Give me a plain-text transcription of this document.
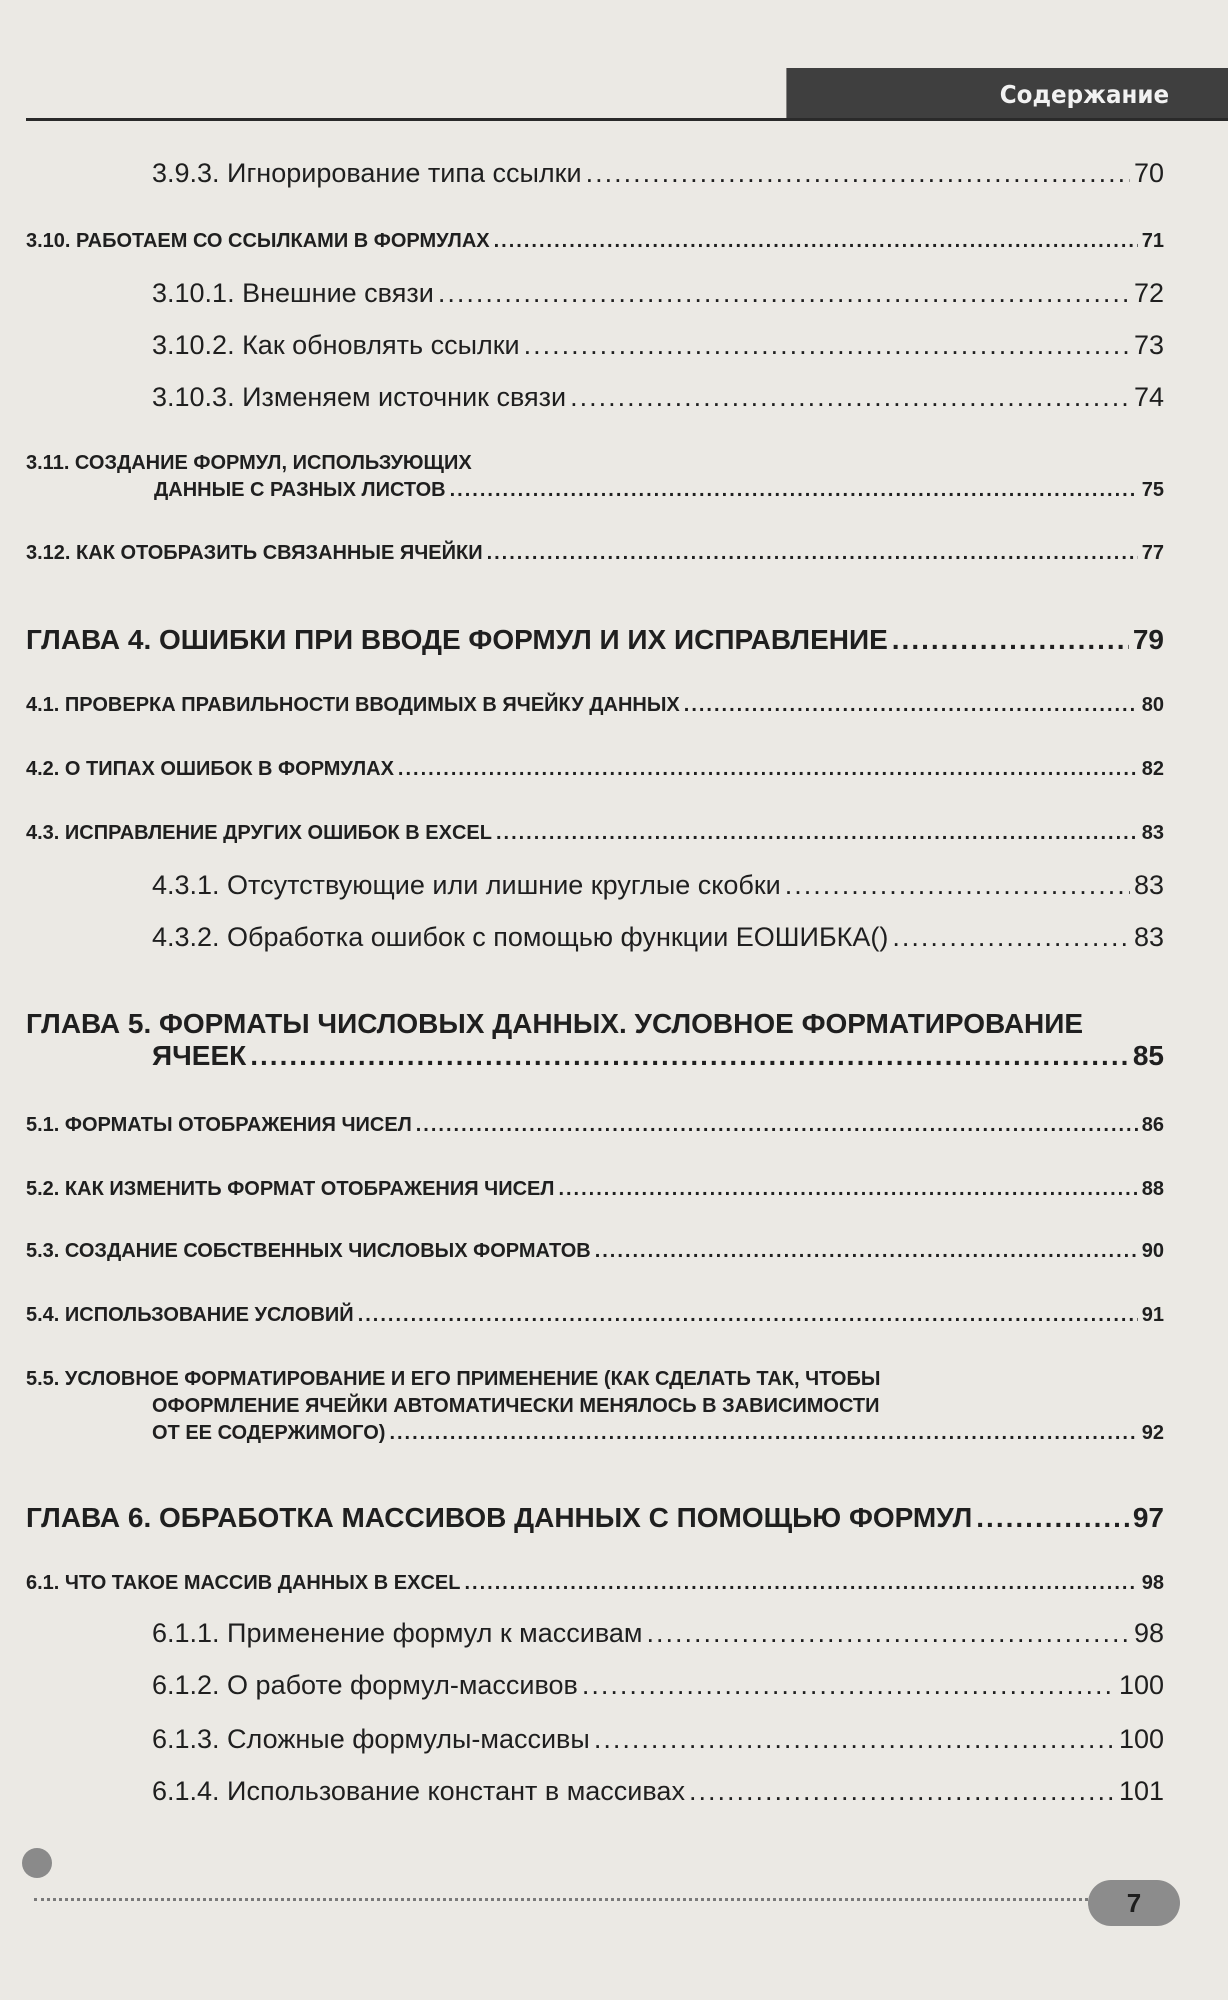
Содержание
3.9.3. Игнорирование типа ссылки .....	70
3.10. РАБОТАЕМ СО ССЫЛКАМИ В ФОРМУЛАХ .....	71
3.10.1. Внешние связи .....	72
3.10.2. Как обновлять ссылки .....	73
3.10.3. Изменяем источник связи .....	74
3.11. СОЗДАНИЕ ФОРМУЛ, ИСПОЛЬЗУЮЩИХ
ДАННЫЕ С РАЗНЫХ ЛИСТОВ .....	75
3.12. КАК ОТОБРАЗИТЬ СВЯЗАННЫЕ ЯЧЕЙКИ .....	77
ГЛАВА 4. ОШИБКИ ПРИ ВВОДЕ ФОРМУЛ И ИХ ИСПРАВЛЕНИЕ .....	79
4.1. ПРОВЕРКА ПРАВИЛЬНОСТИ ВВОДИМЫХ В ЯЧЕЙКУ ДАННЫХ .....	80
4.2. О ТИПАХ ОШИБОК В ФОРМУЛАХ .....	82
4.3. ИСПРАВЛЕНИЕ ДРУГИХ ОШИБОК В EXCEL .....	83
4.3.1. Отсутствующие или лишние круглые скобки .....	83
4.3.2. Обработка ошибок с помощью функции ЕОШИБКА() .....	83
ГЛАВА 5. ФОРМАТЫ ЧИСЛОВЫХ ДАННЫХ. УСЛОВНОЕ ФОРМАТИРОВАНИЕ
ЯЧЕЕК .....	85
5.1. ФОРМАТЫ ОТОБРАЖЕНИЯ ЧИСЕЛ .....	86
5.2. КАК ИЗМЕНИТЬ ФОРМАТ ОТОБРАЖЕНИЯ ЧИСЕЛ .....	88
5.3. СОЗДАНИЕ СОБСТВЕННЫХ ЧИСЛОВЫХ ФОРМАТОВ .....	90
5.4. ИСПОЛЬЗОВАНИЕ УСЛОВИЙ .....	91
5.5. УСЛОВНОЕ ФОРМАТИРОВАНИЕ И ЕГО ПРИМЕНЕНИЕ (КАК СДЕЛАТЬ ТАК, ЧТОБЫ
ОФОРМЛЕНИЕ ЯЧЕЙКИ АВТОМАТИЧЕСКИ МЕНЯЛОСЬ В ЗАВИСИМОСТИ
ОТ ЕЕ СОДЕРЖИМОГО) .....	92
ГЛАВА 6. ОБРАБОТКА МАССИВОВ ДАННЫХ С ПОМОЩЬЮ ФОРМУЛ .....	97
6.1. ЧТО ТАКОЕ МАССИВ ДАННЫХ В EXCEL .....	98
6.1.1. Применение формул к массивам .....	98
6.1.2. О работе формул-массивов .....	100
6.1.3. Сложные формулы-массивы .....	100
6.1.4. Использование констант в массивах .....	101
7
